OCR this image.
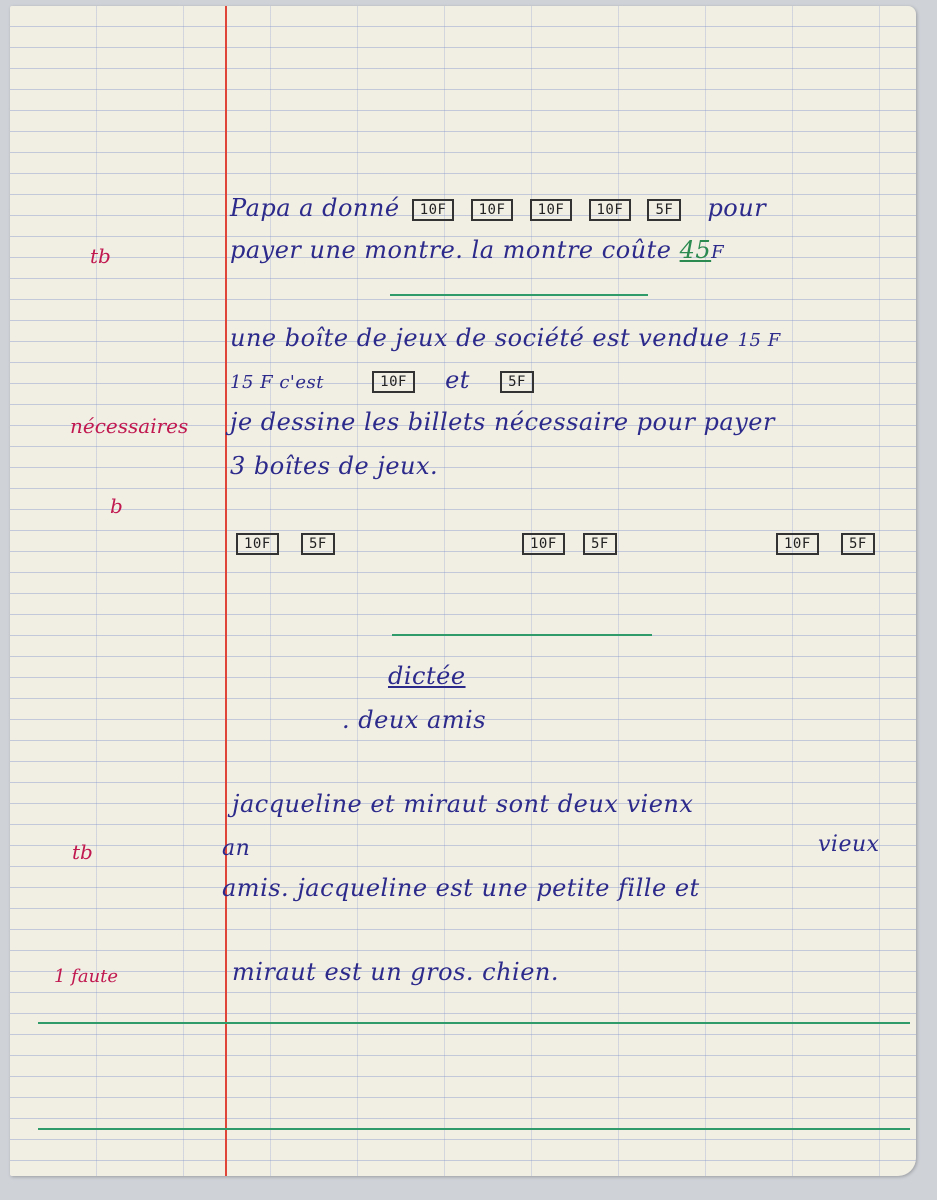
Papa a donné 10F 10F 10F 10F 5F pour
payer une montre. la montre coûte 45F
tb
une boîte de jeux de société est vendue 15 F
15 F c'est	10F et	5F
nécessaires je dessine les billets nécessaire pour payer
3 boîtes de jeux.
b
10F	5F	10F 5F	10F	5F
dictée
. deux amis
jacqueline et miraut sont deux vienx
an	vieux
tb
amis. jacqueline est une petite fille et
miraut est un gros. chien.
1 faute
